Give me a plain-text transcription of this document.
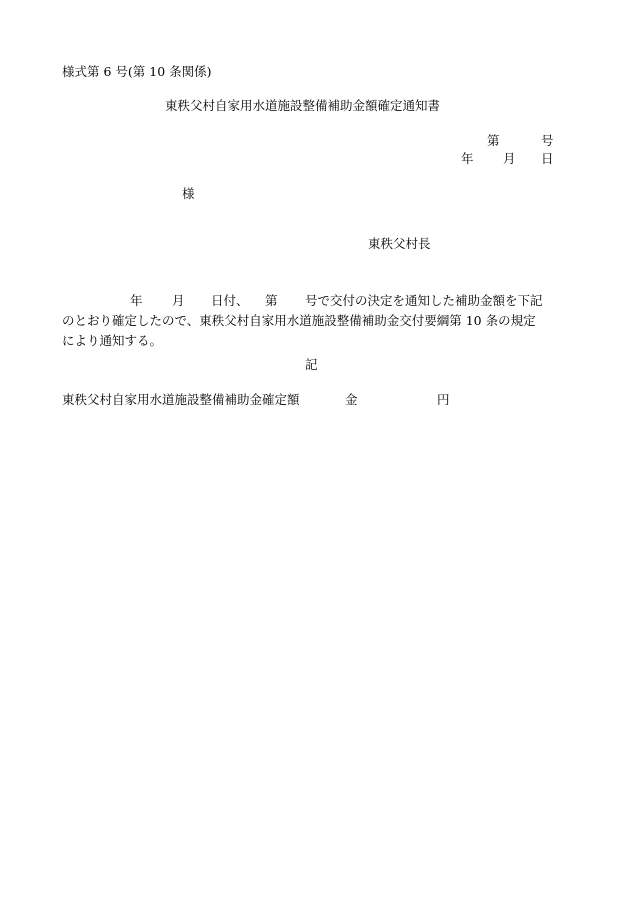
様式第 6 号(第 10 条関係)
東秩父村自家用水道施設整備補助金額確定通知書
第	号
年 月 日
様
東秩父村長
年 月 日付、 第 号で交付の決定を通知した補助金額を下記
のとおり確定したので、東秩父村自家用水道施設整備補助金交付要綱第 10 条の規定
により通知する。
記
東秩父村自家用水道施設整備補助金確定額	金	円
